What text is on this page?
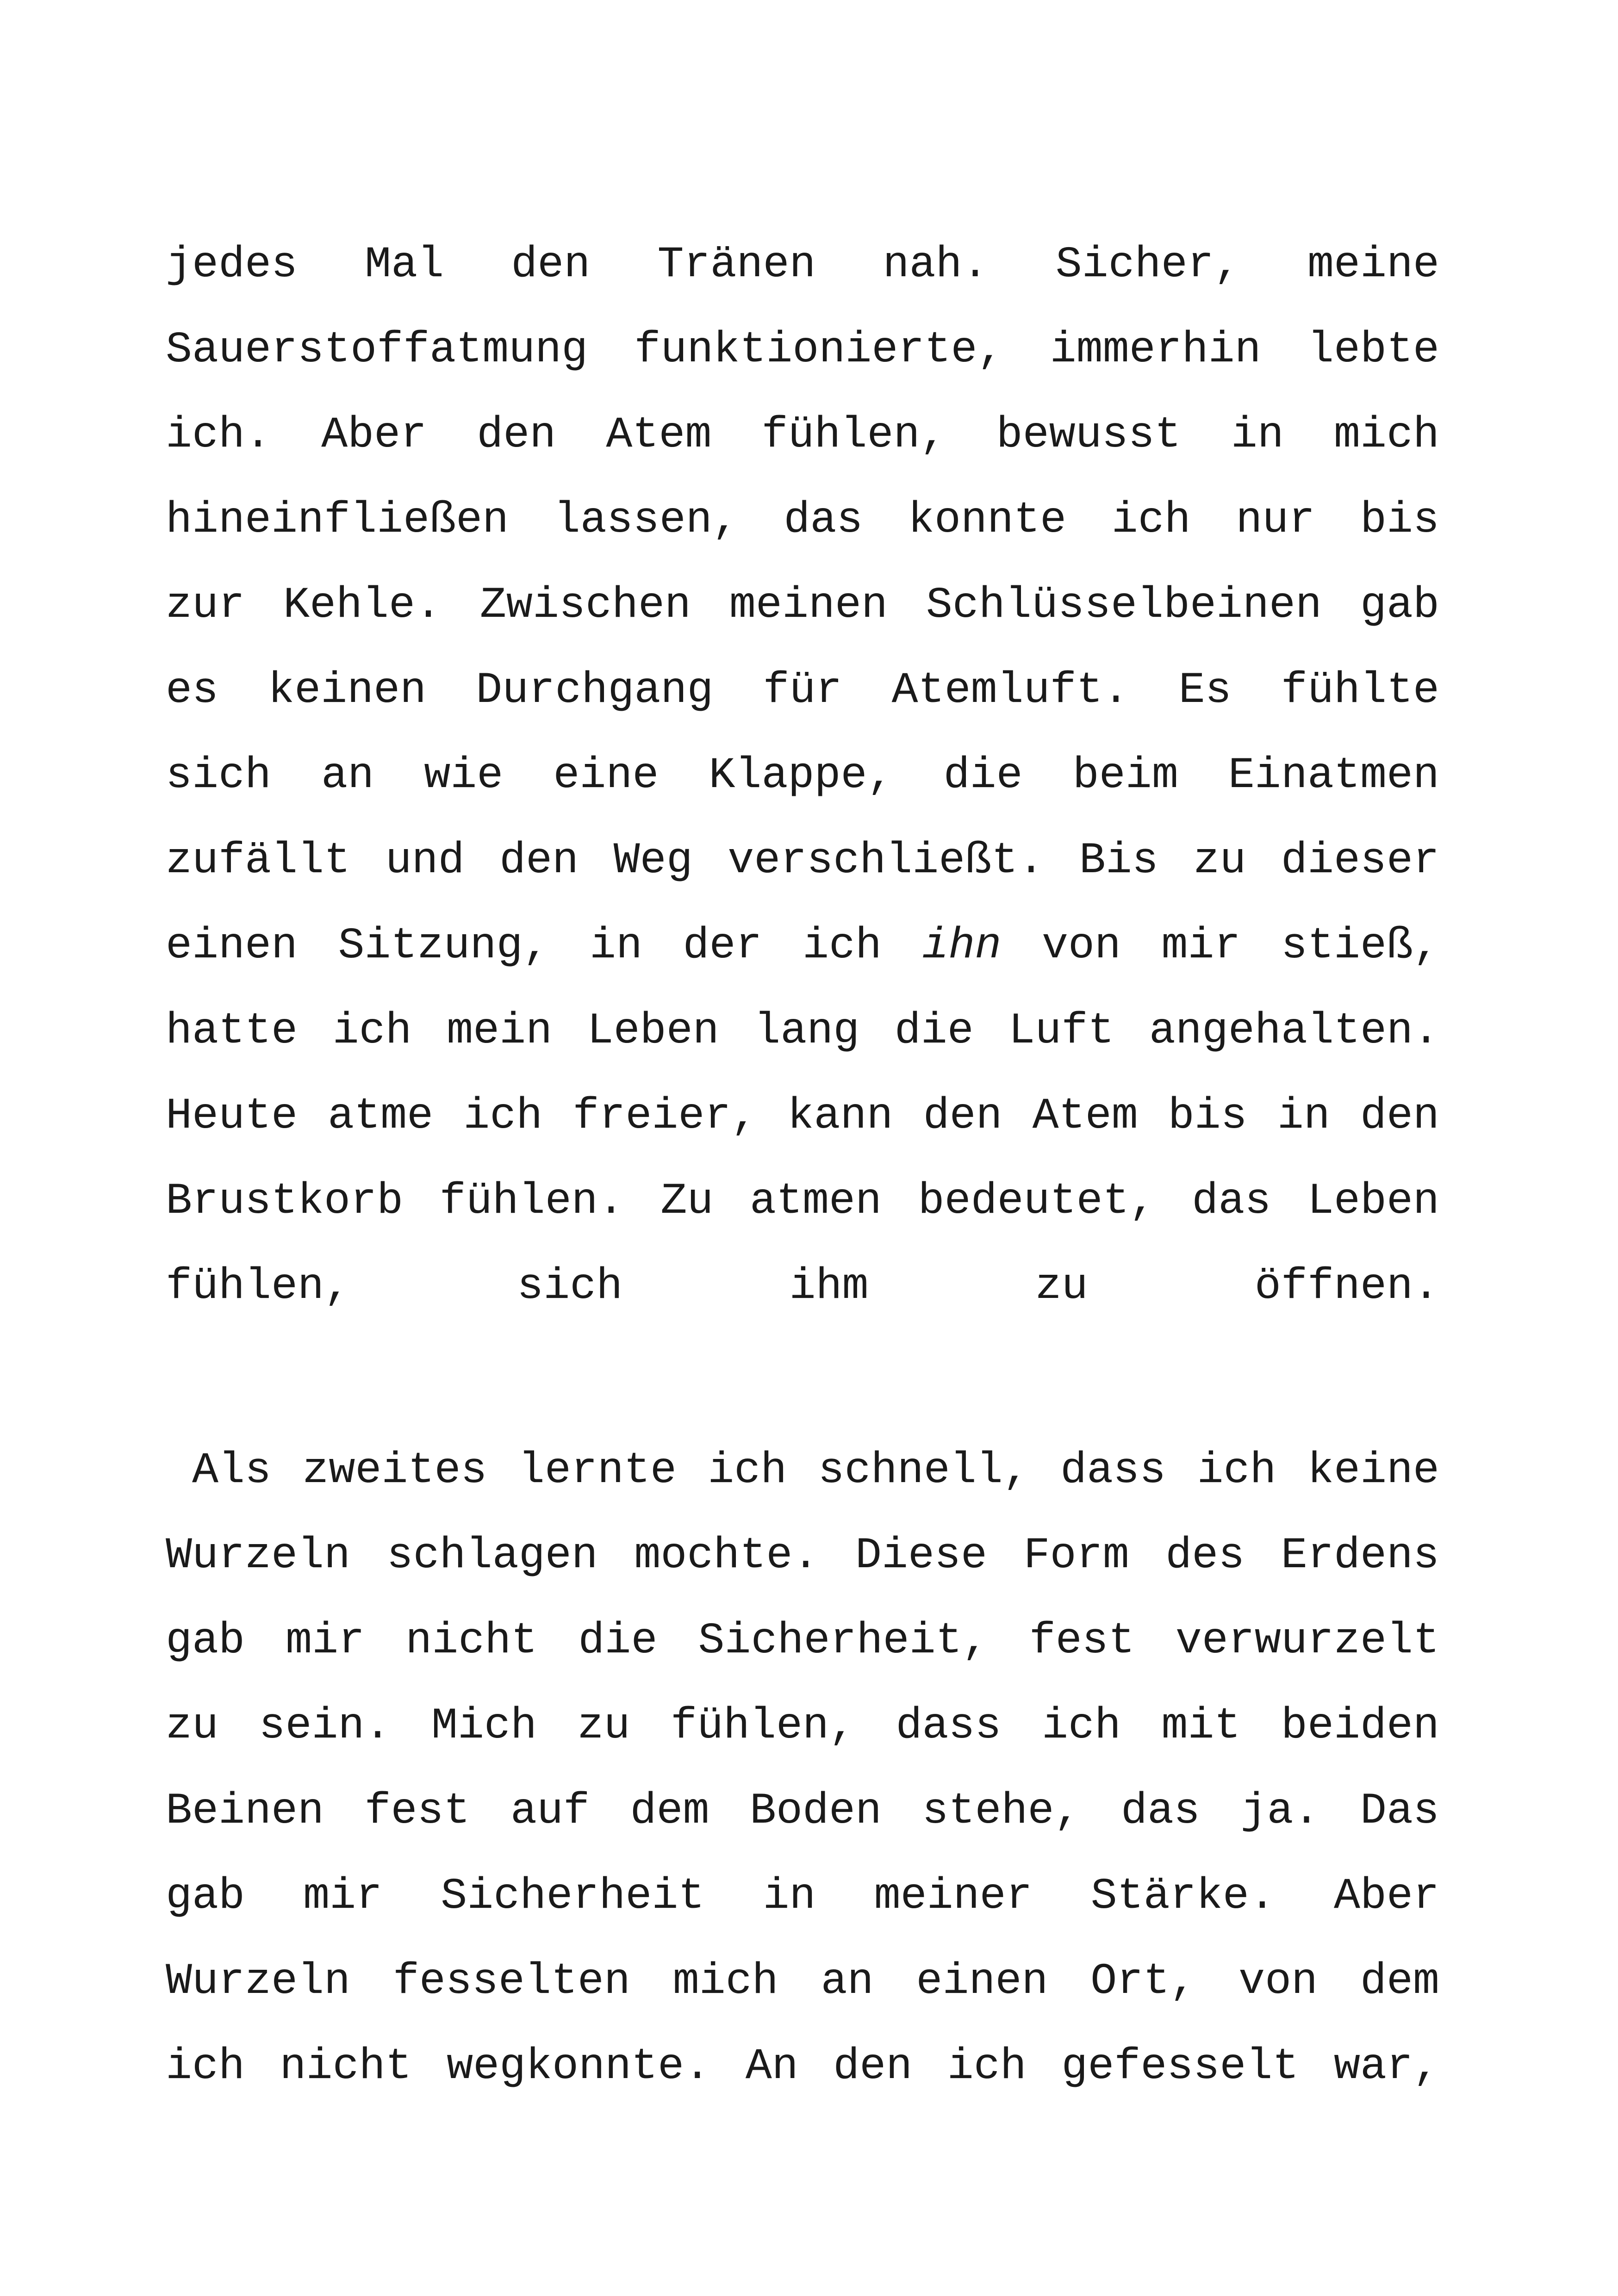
jedes Mal den Tränen nah. Sicher, meine
Sauerstoffatmung funktionierte, immerhin lebte
ich. Aber den Atem fühlen, bewusst in mich
hineinfließen lassen, das konnte ich nur bis
zur Kehle. Zwischen meinen Schlüsselbeinen gab
es keinen Durchgang für Atemluft. Es fühlte
sich an wie eine Klappe, die beim Einatmen
zufällt und den Weg verschließt. Bis zu dieser
einen Sitzung, in der ich ihn von mir stieß,
hatte ich mein Leben lang die Luft angehalten.
Heute atme ich freier, kann den Atem bis in den
Brustkorb fühlen. Zu atmen bedeutet, das Leben
fühlen, sich ihm zu öffnen.
Als zweites lernte ich schnell, dass ich keine
Wurzeln schlagen mochte. Diese Form des Erdens
gab mir nicht die Sicherheit, fest verwurzelt
zu sein. Mich zu fühlen, dass ich mit beiden
Beinen fest auf dem Boden stehe, das ja. Das
gab mir Sicherheit in meiner Stärke. Aber
Wurzeln fesselten mich an einen Ort, von dem
ich nicht wegkonnte. An den ich gefesselt war,
